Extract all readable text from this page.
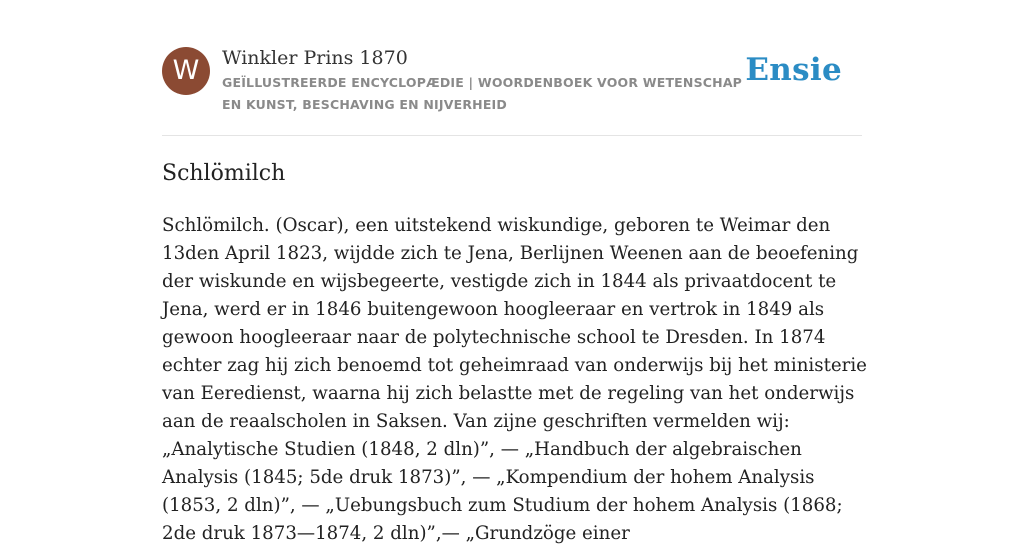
W	Winkler Prins 1870
GEÏLLUSTREERDE ENCYCLOPÆDIE | WOORDENBOEK VOOR WETENSCHAP EN KUNST, BESCHAVING EN NIJVERHEID
Ensie
Schlömilch

Schlömilch. (Oscar), een uitstekend wiskundige, geboren te Weimar den 13den April 1823, wijdde zich te Jena, Berlijnen Weenen aan de beoefening der wiskunde en wijsbegeerte, vestigde zich in 1844 als privaatdocent te Jena, werd er in 1846 buitengewoon hoogleeraar en vertrok in 1849 als gewoon hoogleeraar naar de polytechnische school te Dresden. In 1874 echter zag hij zich benoemd tot geheimraad van onderwijs bij het ministerie van Eeredienst, waarna hij zich belastte met de regeling van het onderwijs aan de reaalscholen in Saksen. Van zijne geschriften vermelden wij: „Analytische Studien (1848, 2 dln)”, — „Handbuch der algebraischen Analysis (1845; 5de druk 1873)”, — „Kompendium der hohem Analysis (1853, 2 dln)”, — „Uebungsbuch zum Studium der hohem Analysis (1868; 2de druk 1873—1874, 2 dln)”,— „Grundzöge einer
